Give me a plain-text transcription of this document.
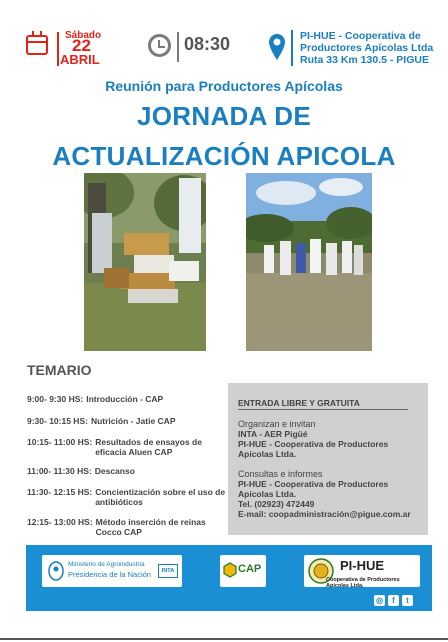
Sábado
22
ABRIL
08:30	PI-HUE - Cooperativa de
Productores Apícolas Ltda
Ruta 33 Km 130.5 - PIGUE
Reunión para Productores Apícolas
JORNADA DE
ACTUALIZACIÓN APICOLA
TEMARIO
9:00- 9:30 HS: Introducción - CAP
9:30- 10:15 HS: Nutrición - Jatie CAP
10:15- 11:00 HS: Resultados de ensayos de eficacia Aluen CAP
11:00- 11:30 HS: Descanso
11:30- 12:15 HS: Concientización sobre el uso de antibióticos
12:15- 13:00 HS: Método inserción de reinas Cocco CAP
ENTRADA LIBRE Y GRATUITA
Organizan e invitan
INTA - AER Pigüé
PI-HUE - Cooperativa de Productores
Apícolas Ltda.
Consultas e informes
PI-HUE - Cooperativa de Productores
Apícolas Ltda.
Tel. (02923) 472449
E-mail: coopadministración@pigue.com.ar
Ministerio de Agroindustria
Presidencia de la Nación	INTA	CAP	PI-HUE
Cooperativa de Productores Apícolas Ltda.
◎	f	t
